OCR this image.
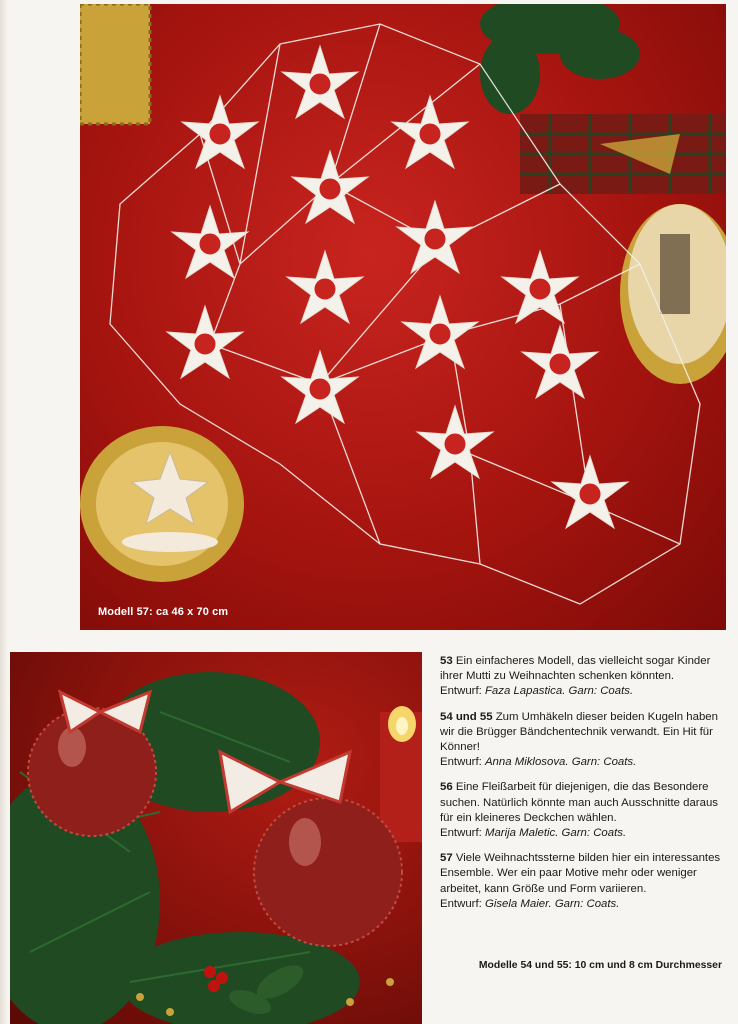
Modell 57: ca 46 x 70 cm

53 Ein einfacheres Modell, das vielleicht sogar Kinder ihrer Mutti zu Weihnachten schenken könnten.

Entwurf: Faza Lapastica. Garn: Coats.

54 und 55 Zum Umhäkeln dieser beiden Kugeln haben wir die Brügger Bändchentechnik verwandt. Ein Hit für Könner!

Entwurf: Anna Miklosova. Garn: Coats.

56 Eine Fleißarbeit für diejenigen, die das Besondere suchen. Natürlich könnte man auch Ausschnitte daraus für ein kleineres Deckchen wählen.

Entwurf: Marija Maletic. Garn: Coats.

57 Viele Weihnachtssterne bilden hier ein interessantes Ensemble. Wer ein paar Motive mehr oder weniger arbeitet, kann Größe und Form variieren.

Entwurf: Gisela Maier. Garn: Coats.

Modelle 54 und 55: 10 cm und 8 cm Durchmesser
